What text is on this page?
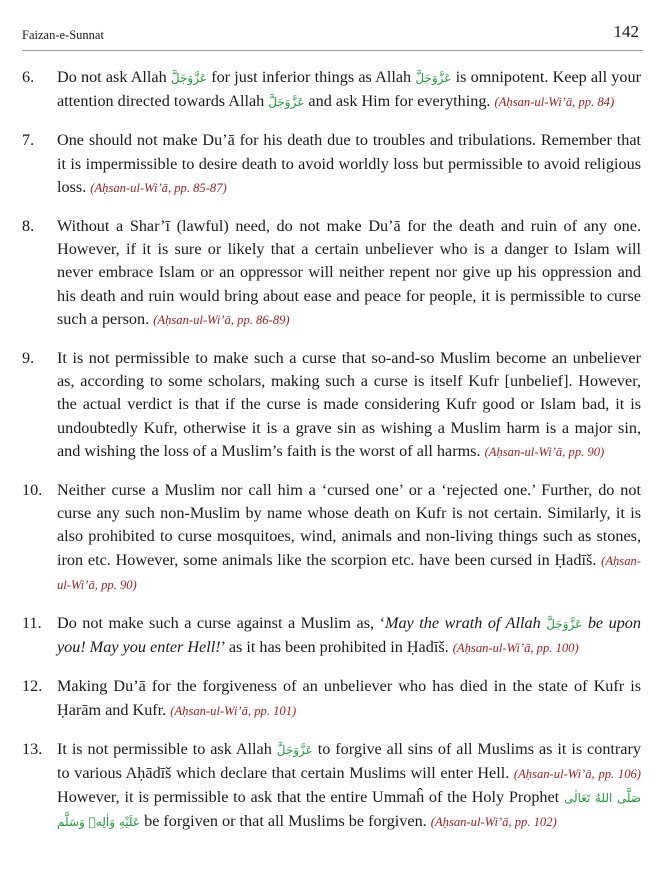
Faizan-e-Sunnat	142
6. Do not ask Allah عَزَّوَجَلَّ for just inferior things as Allah عَزَّوَجَلَّ is omnipotent. Keep all your attention directed towards Allah عَزَّوَجَلَّ and ask Him for everything. (Aḥsan-ul-Wi’ā, pp. 84)
7. One should not make Du’ā for his death due to troubles and tribulations. Remember that it is impermissible to desire death to avoid worldly loss but permissible to avoid religious loss. (Aḥsan-ul-Wi’ā, pp. 85-87)
8. Without a Shar’ī (lawful) need, do not make Du’ā for the death and ruin of any one. However, if it is sure or likely that a certain unbeliever who is a danger to Islam will never embrace Islam or an oppressor will neither repent nor give up his oppression and his death and ruin would bring about ease and peace for people, it is permissible to curse such a person. (Aḥsan-ul-Wi’ā, pp. 86-89)
9. It is not permissible to make such a curse that so-and-so Muslim become an unbeliever as, according to some scholars, making such a curse is itself Kufr [unbelief]. However, the actual verdict is that if the curse is made considering Kufr good or Islam bad, it is undoubtedly Kufr, otherwise it is a grave sin as wishing a Muslim harm is a major sin, and wishing the loss of a Muslim’s faith is the worst of all harms. (Aḥsan-ul-Wi’ā, pp. 90)
10. Neither curse a Muslim nor call him a ‘cursed one’ or a ‘rejected one.’ Further, do not curse any such non-Muslim by name whose death on Kufr is not certain. Similarly, it is also prohibited to curse mosquitoes, wind, animals and non-living things such as stones, iron etc. However, some animals like the scorpion etc. have been cursed in Ḥadīš. (Aḥsan-ul-Wi’ā, pp. 90)
11. Do not make such a curse against a Muslim as, ‘May the wrath of Allah عَزَّوَجَلَّ be upon you! May you enter Hell!’ as it has been prohibited in Ḥadīš. (Aḥsan-ul-Wi’ā, pp. 100)
12. Making Du’ā for the forgiveness of an unbeliever who has died in the state of Kufr is Ḥarām and Kufr. (Aḥsan-ul-Wi’ā, pp. 101)
13. It is not permissible to ask Allah عَزَّوَجَلَّ to forgive all sins of all Muslims as it is contrary to various Aḥādīš which declare that certain Muslims will enter Hell. (Aḥsan-ul-Wi’ā, pp. 106) However, it is permissible to ask that the entire Ummaĥ of the Holy Prophet صَلَّى اللهُ تَعَالٰى عَلَيْهِ وَاٰلِهٖ وَسَلَّم be forgiven or that all Muslims be forgiven. (Aḥsan-ul-Wi’ā, pp. 102)
